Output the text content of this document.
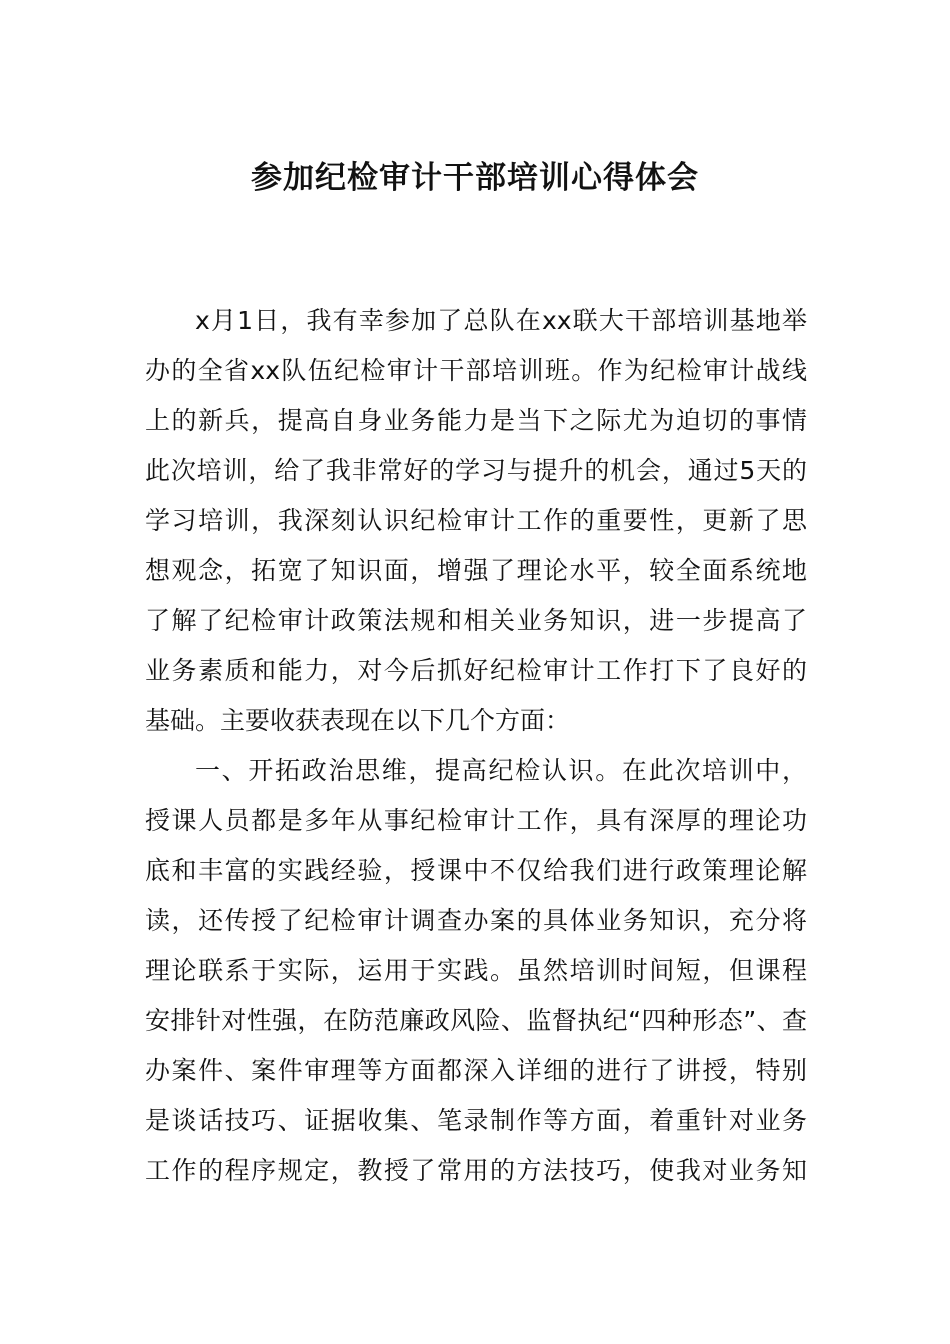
参加纪检审计干部培训心得体会
x月1日，我有幸参加了总队在xx联大干部培训基地举
办的全省xx队伍纪检审计干部培训班。作为纪检审计战线
上的新兵，提高自身业务能力是当下之际尤为迫切的事情
此次培训，给了我非常好的学习与提升的机会，通过5天的
学习培训，我深刻认识纪检审计工作的重要性，更新了思
想观念，拓宽了知识面，增强了理论水平，较全面系统地
了解了纪检审计政策法规和相关业务知识，进一步提高了
业务素质和能力，对今后抓好纪检审计工作打下了良好的
基础。主要收获表现在以下几个方面：
一、开拓政治思维，提高纪检认识。在此次培训中，
授课人员都是多年从事纪检审计工作，具有深厚的理论功
底和丰富的实践经验，授课中不仅给我们进行政策理论解
读，还传授了纪检审计调查办案的具体业务知识，充分将
理论联系于实际，运用于实践。虽然培训时间短，但课程
安排针对性强，在防范廉政风险、监督执纪“四种形态”、查
办案件、案件审理等方面都深入详细的进行了讲授，特别
是谈话技巧、证据收集、笔录制作等方面，着重针对业务
工作的程序规定，教授了常用的方法技巧，使我对业务知
